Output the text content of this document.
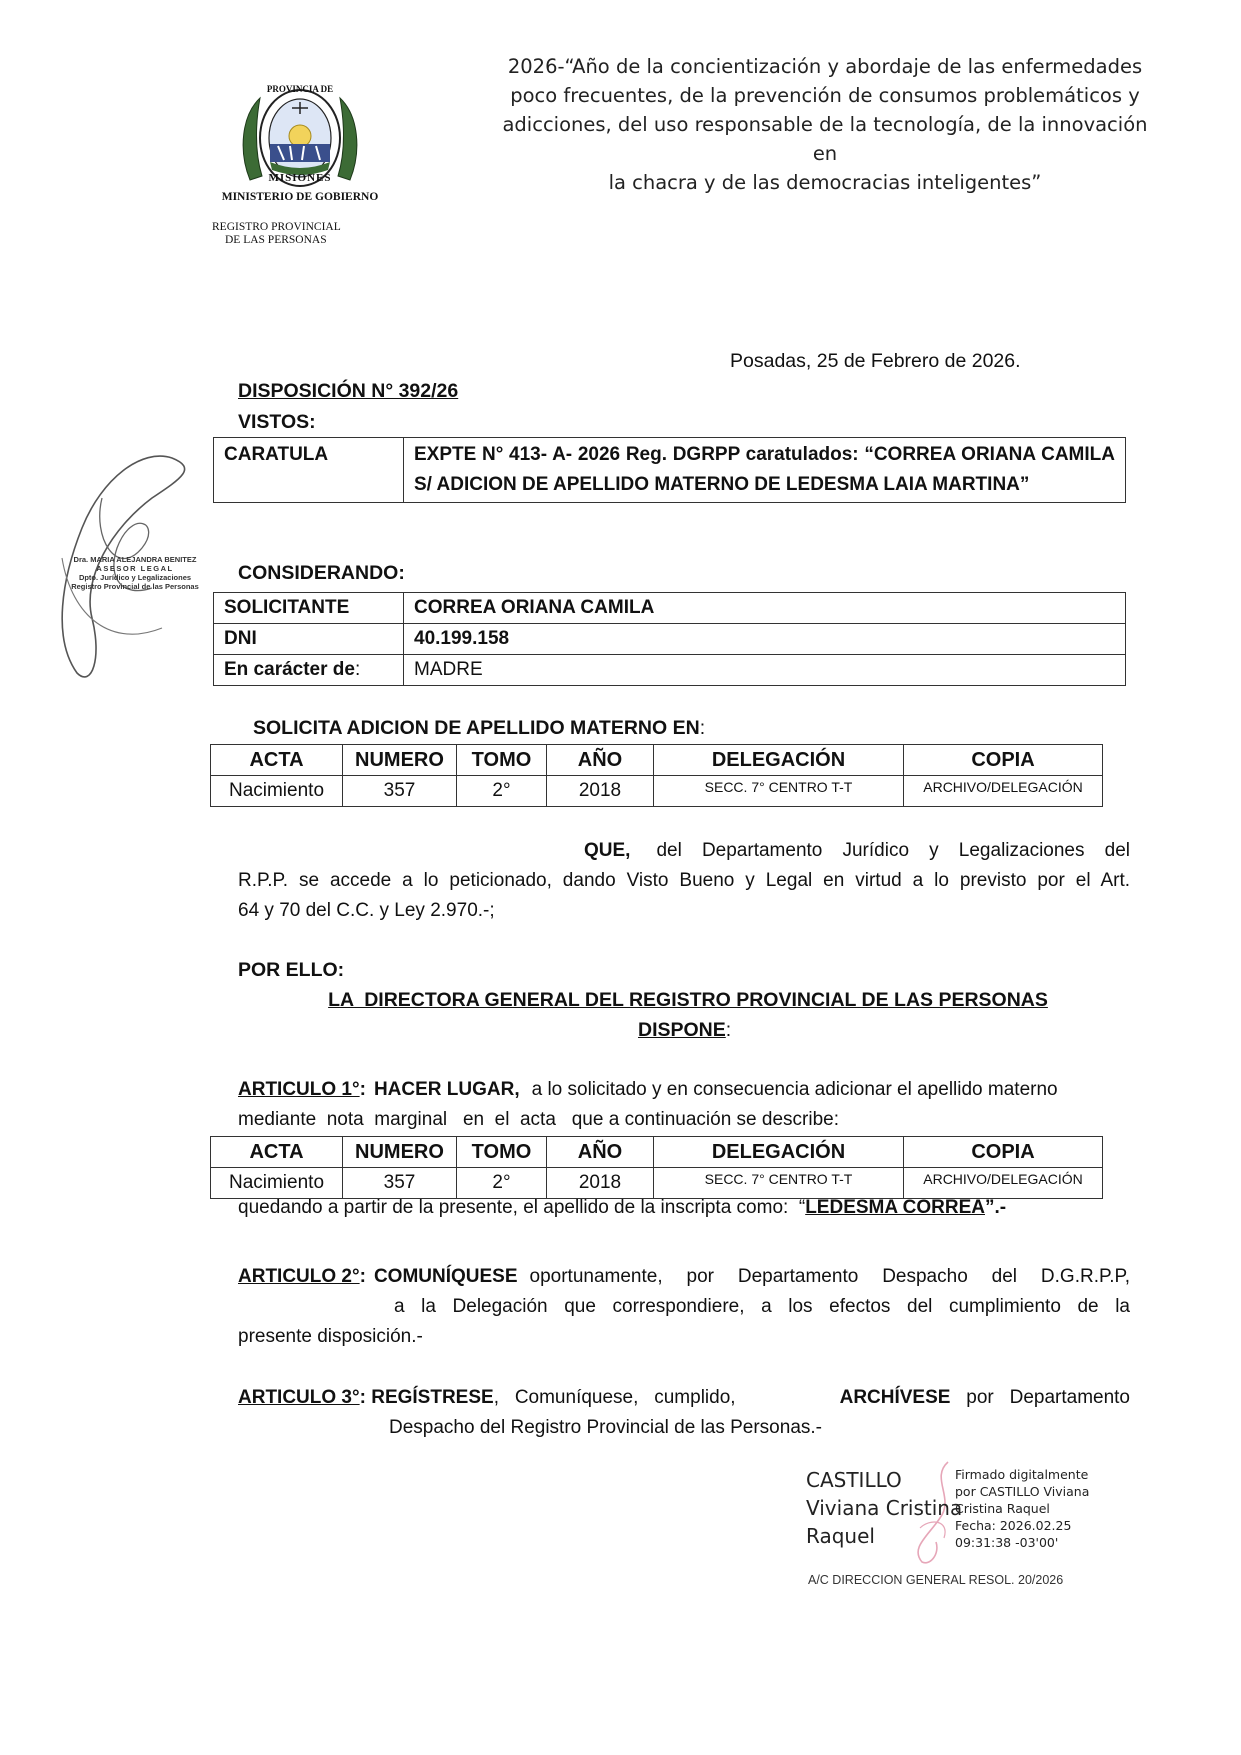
PROVINCIA DE
MISIONES
MINISTERIO DE GOBIERNO
REGISTRO PROVINCIAL
DE LAS PERSONAS
2026-“Año de la concientización y abordaje de las enfermedades
poco frecuentes, de la prevención de consumos problemáticos y
adicciones, del uso responsable de la tecnología, de la innovación en
la chacra y de las democracias inteligentes”
Dra. MARIA ALEJANDRA BENITEZ
ASESOR LEGAL
Dpto. Jurídico y Legalizaciones
Registro Provincial de las Personas
Posadas, 25 de Febrero de 2026.
DISPOSICIÓN N° 392/26
VISTOS:
CARATULA	EXPTE N° 413- A- 2026 Reg. DGRPP caratulados: “CORREA ORIANA CAMILA S/ ADICION DE APELLIDO MATERNO DE LEDESMA LAIA MARTINA”
CONSIDERANDO:
SOLICITANTE	CORREA ORIANA CAMILA
DNI	40.199.158
En carácter de:	MADRE
SOLICITA ADICION DE APELLIDO MATERNO EN:
ACTA	NUMERO	TOMO	AÑO	DELEGACIÓN	COPIA
Nacimiento	357	2°	2018	SECC. 7° CENTRO T-T	ARCHIVO/DELEGACIÓN
QUE, del Departamento Jurídico y Legalizaciones del
R.P.P. se accede a lo peticionado, dando Visto Bueno y Legal en virtud a lo previsto por el Art.
64 y 70 del C.C. y Ley 2.970.-;
POR ELLO:
LA  DIRECTORA GENERAL DEL REGISTRO PROVINCIAL DE LAS PERSONAS
DISPONE:
ARTICULO 1° : HACER LUGAR, a lo solicitado y en consecuencia adicionar el apellido materno
mediante  nota  marginal   en  el  acta   que a continuación se describe:
ACTA	NUMERO	TOMO	AÑO	DELEGACIÓN	COPIA
Nacimiento	357	2°	2018	SECC. 7° CENTRO T-T	ARCHIVO/DELEGACIÓN
quedando a partir de la presente, el apellido de la inscripta como:  “LEDESMA CORREA”.-
ARTICULO 2° : COMUNÍQUESE oportunamente, por Departamento Despacho del D.G.R.P.P,
a la Delegación que correspondiere, a los efectos del cumplimiento de la
presente disposición.-
ARTICULO 3°: REGÍSTRESE,   Comuníquese,   cumplido,	ARCHÍVESE por   Departamento
Despacho del Registro Provincial de las Personas.-
CASTILLO
Viviana Cristina
Raquel
Firmado digitalmente
por CASTILLO Viviana
Cristina Raquel
Fecha: 2026.02.25
09:31:38 -03'00'
A/C DIRECCION GENERAL RESOL. 20/2026
